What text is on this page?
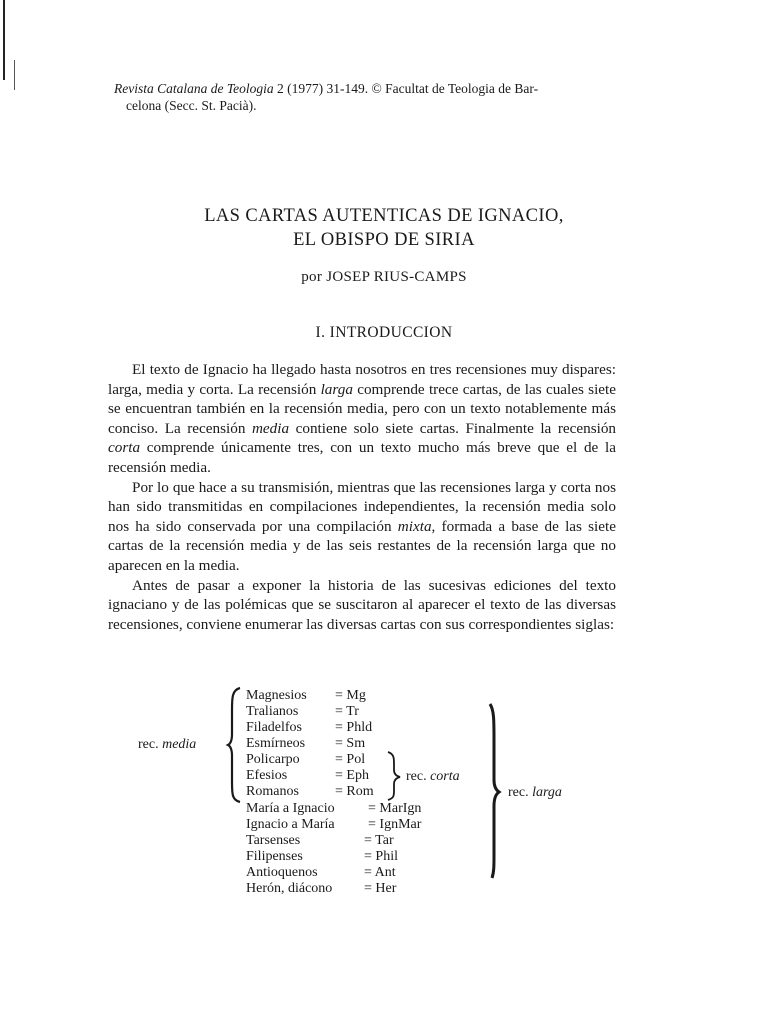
Revista Catalana de Teologia 2 (1977) 31-149. © Facultat de Teologia de Bar-
celona (Secc. St. Pacià).
LAS CARTAS AUTENTICAS DE IGNACIO,
EL OBISPO DE SIRIA
por JOSEP RIUS-CAMPS
I. INTRODUCCION

El texto de Ignacio ha llegado hasta nosotros en tres recensiones muy dispares: larga, media y corta. La recensión larga comprende trece cartas, de las cuales siete se encuentran también en la recensión media, pero con un texto notablemente más conciso. La recensión media contiene solo siete cartas. Finalmente la recensión corta comprende únicamente tres, con un texto mucho más breve que el de la recensión media.

Por lo que hace a su transmisión, mientras que las recensiones larga y corta nos han sido transmitidas en compilaciones independientes, la recensión media solo nos ha sido conservada por una compilación mixta, formada a base de las siete cartas de la recensión media y de las seis restantes de la recensión larga que no aparecen en la media.

Antes de pasar a exponer la historia de las sucesivas ediciones del texto ignaciano y de las polémicas que se suscitaron al aparecer el texto de las diversas recensiones, conviene enumerar las diversas cartas con sus correspondientes siglas:

Magnesios = Mg
Tralianos	= Tr
Filadelfos = Phld
Esmírneos = Sm
Policarpo	= Pol
Efesios	= Eph
Romanos	= Rom
María a Ignacio = MarIgn
Ignacio a María = IgnMar
Tarsenses	= Tar
Filipenses	= Phil
Antioquenos	= Ant
Herón, diácono = Her
rec. media
rec. corta
rec. larga
